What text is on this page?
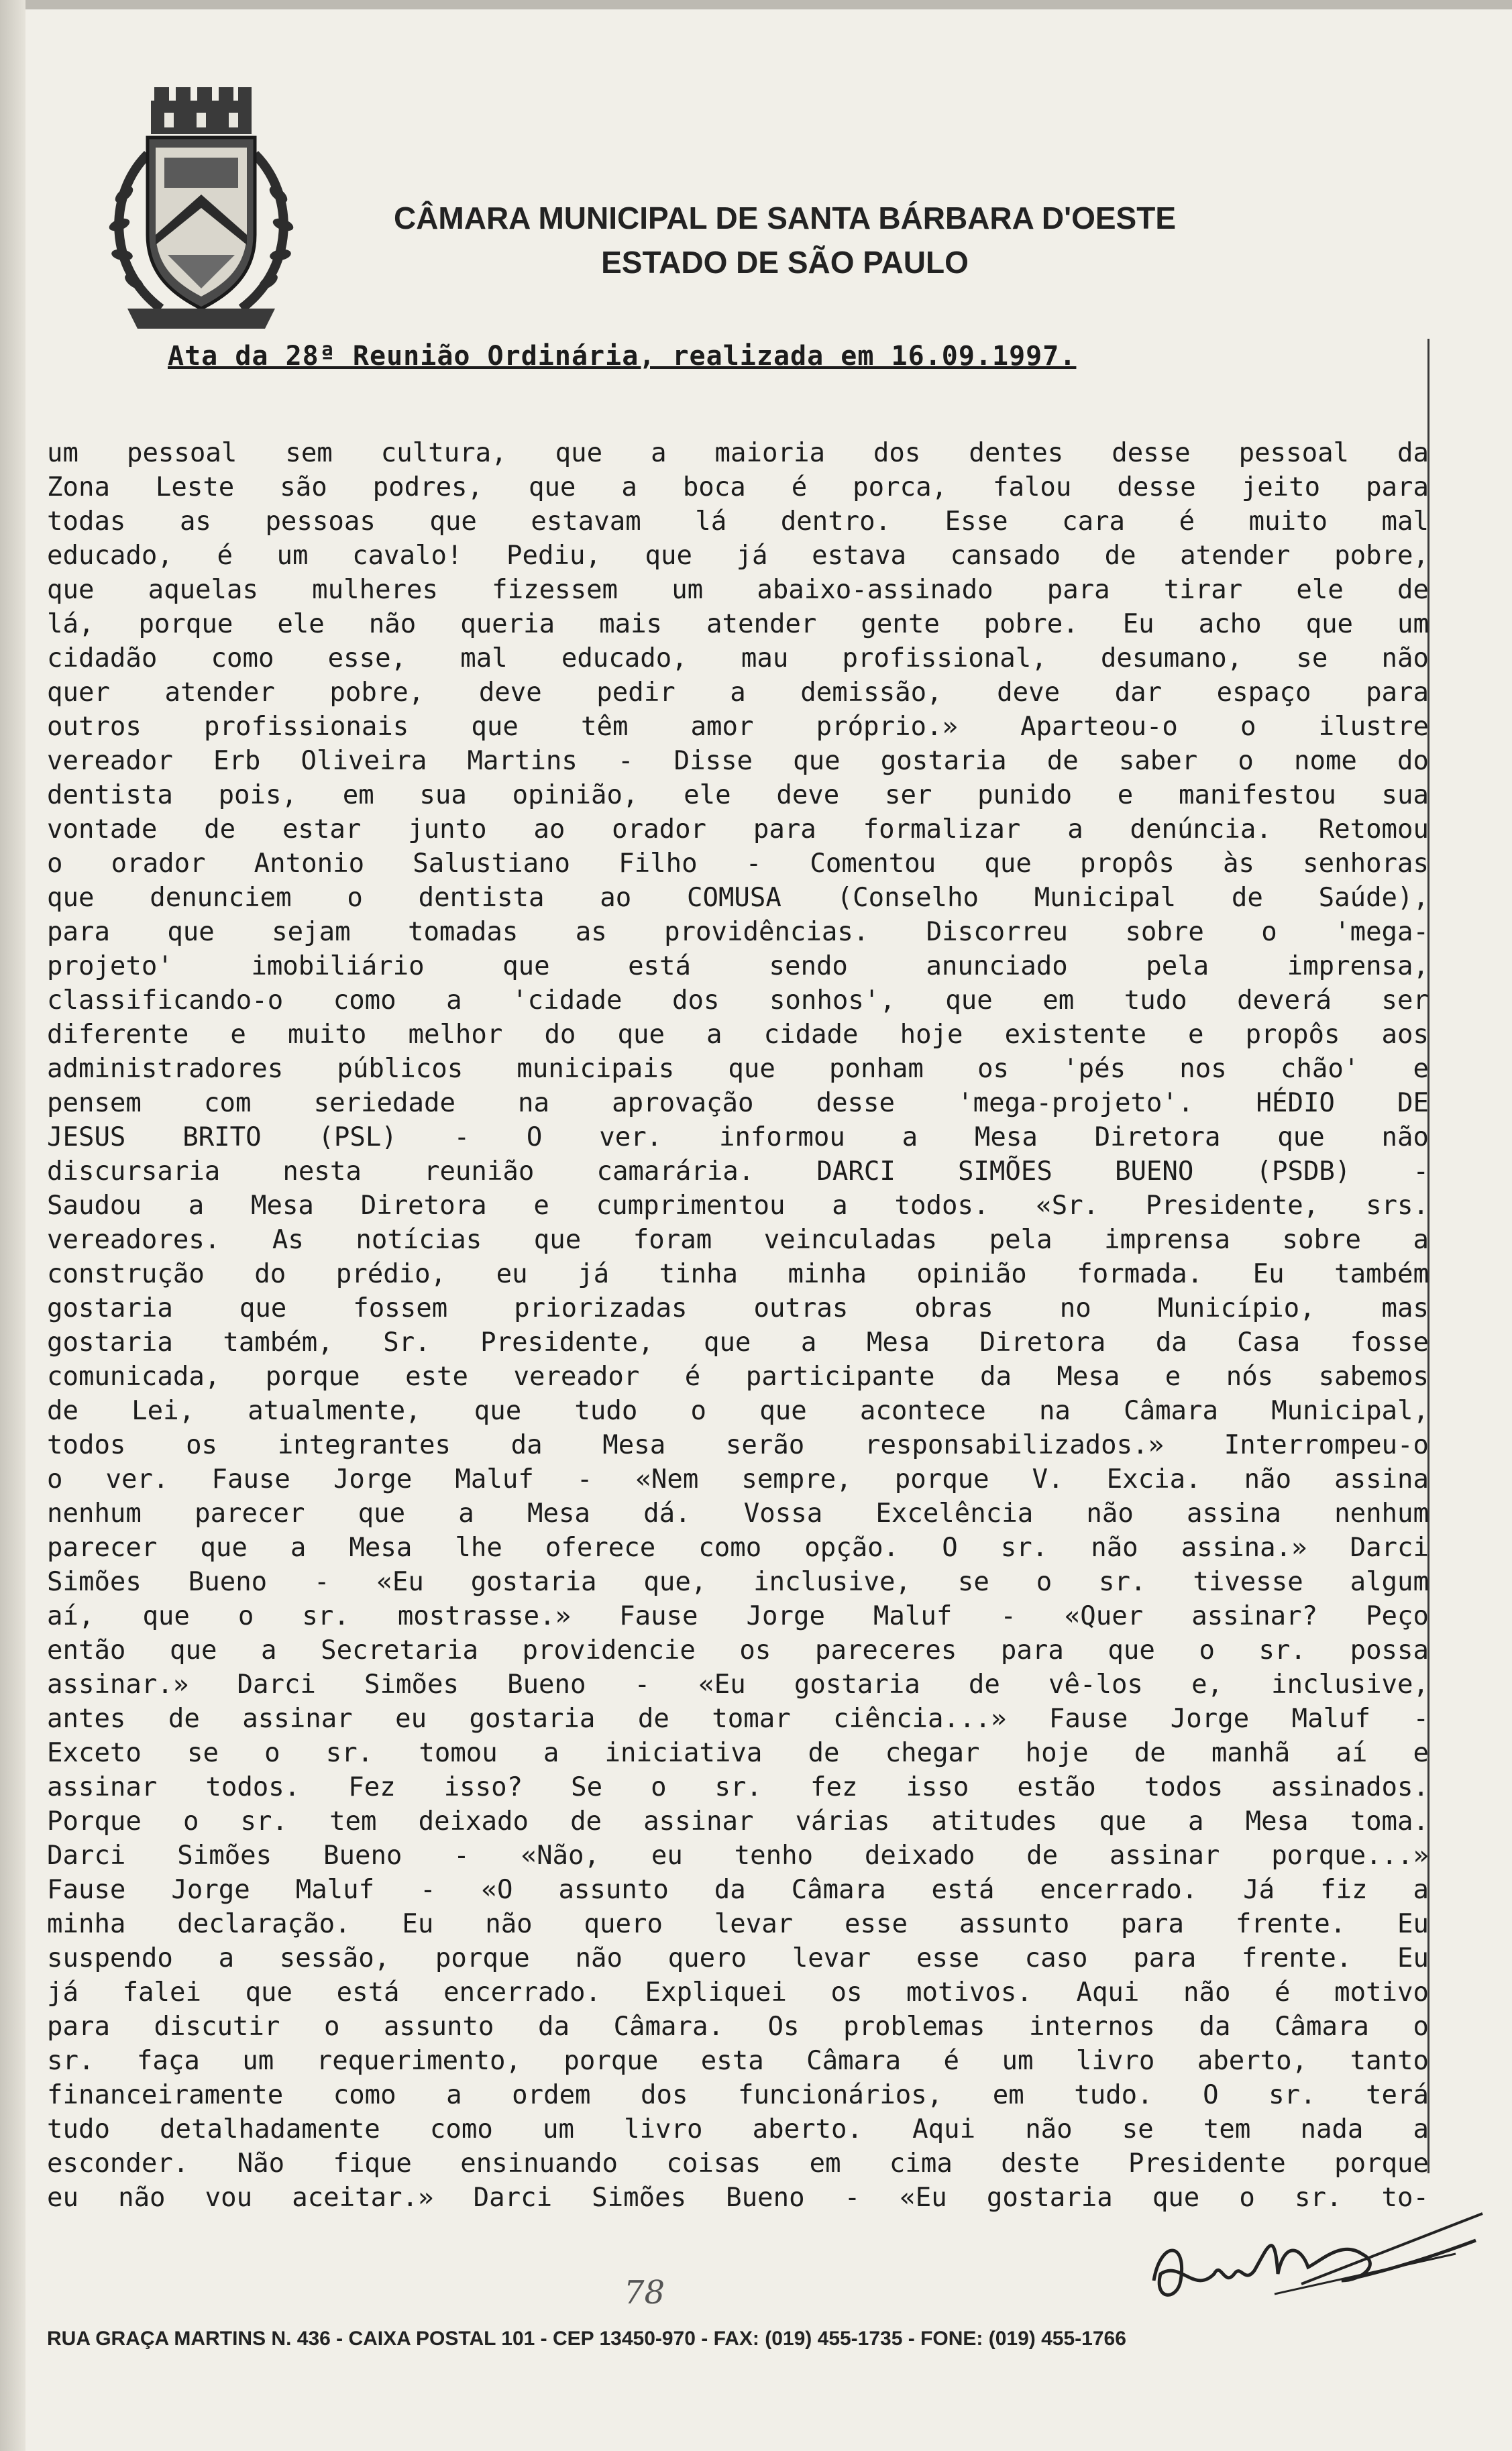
CÂMARA MUNICIPAL DE SANTA BÁRBARA D'OESTE
ESTADO DE SÃO PAULO
Ata da 28ª Reunião Ordinária, realizada em 16.09.1997.
um pessoal sem cultura, que a maioria dos dentes desse pessoal da
Zona Leste são podres, que a boca é porca, falou desse jeito para
todas as pessoas que estavam lá dentro. Esse cara é muito mal
educado, é um cavalo! Pediu, que já estava cansado de atender pobre,
que aquelas mulheres fizessem um abaixo-assinado para tirar ele de
lá, porque ele não queria mais atender gente pobre. Eu acho que um
cidadão como esse, mal educado, mau profissional, desumano, se não
quer atender pobre, deve pedir a demissão, deve dar espaço para
outros profissionais que têm amor próprio.» Aparteou-o o ilustre
vereador Erb Oliveira Martins - Disse que gostaria de saber o nome do
dentista pois, em sua opinião, ele deve ser punido e manifestou sua
vontade de estar junto ao orador para formalizar a denúncia. Retomou
o orador Antonio Salustiano Filho - Comentou que propôs às senhoras
que denunciem o dentista ao COMUSA (Conselho Municipal de Saúde),
para que sejam tomadas as providências. Discorreu sobre o 'mega-
projeto' imobiliário que está sendo anunciado pela imprensa,
classificando-o como a 'cidade dos sonhos', que em tudo deverá ser
diferente e muito melhor do que a cidade hoje existente e propôs aos
administradores públicos municipais que ponham os 'pés nos chão' e
pensem com seriedade na aprovação desse 'mega-projeto'. HÉDIO DE
JESUS BRITO (PSL) - O ver. informou a Mesa Diretora que não
discursaria nesta reunião camarária. DARCI SIMÕES BUENO (PSDB) -
Saudou a Mesa Diretora e cumprimentou a todos. «Sr. Presidente, srs.
vereadores. As notícias que foram veinculadas pela imprensa sobre a
construção do prédio, eu já tinha minha opinião formada. Eu também
gostaria que fossem priorizadas outras obras no Município, mas
gostaria também, Sr. Presidente, que a Mesa Diretora da Casa fosse
comunicada, porque este vereador é participante da Mesa e nós sabemos
de Lei, atualmente, que tudo o que acontece na Câmara Municipal,
todos os integrantes da Mesa serão responsabilizados.» Interrompeu-o
o ver. Fause Jorge Maluf - «Nem sempre, porque V. Excia. não assina
nenhum parecer que a Mesa dá. Vossa Excelência não assina nenhum
parecer que a Mesa lhe oferece como opção. O sr. não assina.» Darci
Simões Bueno - «Eu gostaria que, inclusive, se o sr. tivesse algum
aí, que o sr. mostrasse.» Fause Jorge Maluf - «Quer assinar? Peço
então que a Secretaria providencie os pareceres para que o sr. possa
assinar.» Darci Simões Bueno - «Eu gostaria de vê-los e, inclusive,
antes de assinar eu gostaria de tomar ciência...» Fause Jorge Maluf -
Exceto se o sr. tomou a iniciativa de chegar hoje de manhã aí e
assinar todos. Fez isso? Se o sr. fez isso estão todos assinados.
Porque o sr. tem deixado de assinar várias atitudes que a Mesa toma.
Darci Simões Bueno - «Não, eu tenho deixado de assinar porque...»
Fause Jorge Maluf - «O assunto da Câmara está encerrado. Já fiz a
minha declaração. Eu não quero levar esse assunto para frente. Eu
suspendo a sessão, porque não quero levar esse caso para frente. Eu
já falei que está encerrado. Expliquei os motivos. Aqui não é motivo
para discutir o assunto da Câmara. Os problemas internos da Câmara o
sr. faça um requerimento, porque esta Câmara é um livro aberto, tanto
financeiramente como a ordem dos funcionários, em tudo. O sr. terá
tudo detalhadamente como um livro aberto. Aqui não se tem nada a
esconder. Não fique ensinuando coisas em cima deste Presidente porque
eu não vou aceitar.» Darci Simões Bueno - «Eu gostaria que o sr. to-
78
RUA GRAÇA MARTINS N. 436 - CAIXA POSTAL 101 - CEP 13450-970 - FAX: (019) 455-1735 - FONE: (019) 455-1766
